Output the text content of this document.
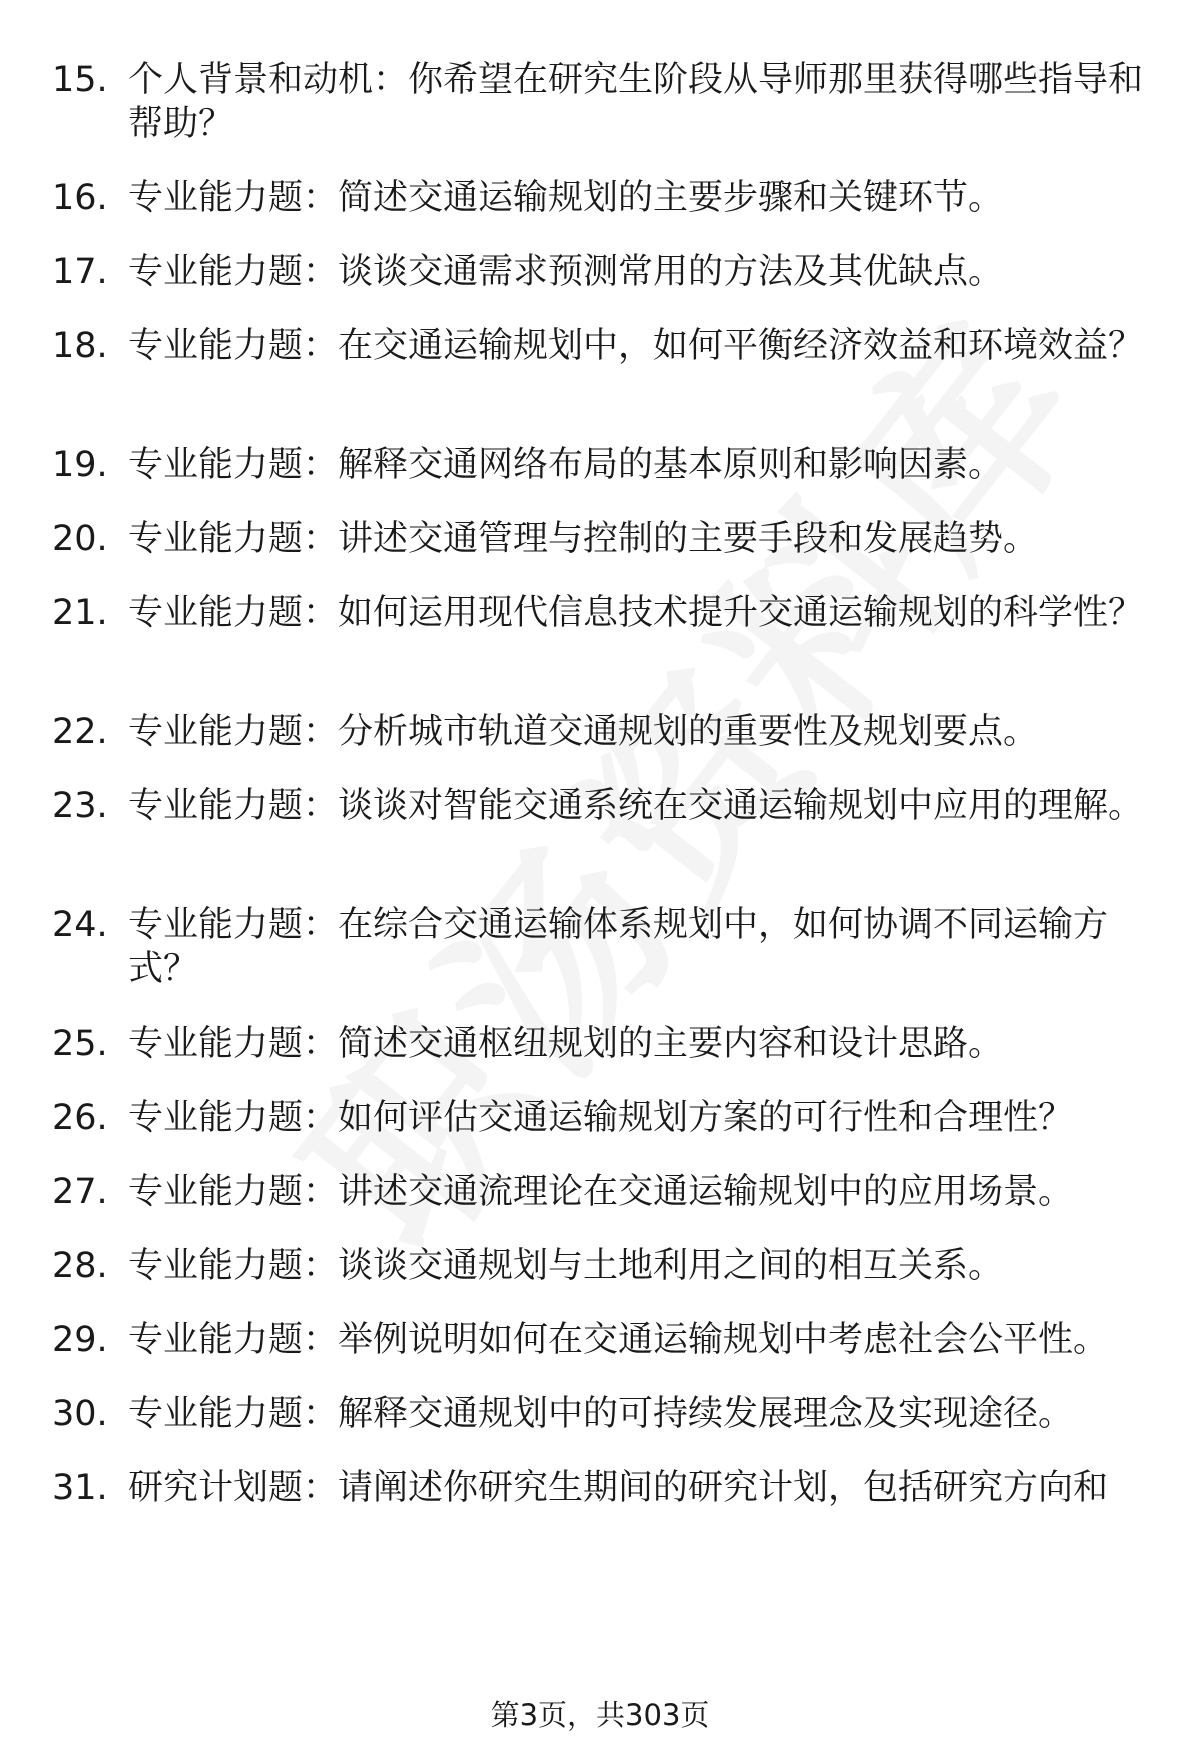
15. 个人背景和动机：你希望在研究生阶段从导师那里获得哪些指导和帮助？
16. 专业能力题：简述交通运输规划的主要步骤和关键环节。
17. 专业能力题：谈谈交通需求预测常用的方法及其优缺点。
18. 专业能力题：在交通运输规划中，如何平衡经济效益和环境效益？
19. 专业能力题：解释交通网络布局的基本原则和影响因素。
20. 专业能力题：讲述交通管理与控制的主要手段和发展趋势。
21. 专业能力题：如何运用现代信息技术提升交通运输规划的科学性？
22. 专业能力题：分析城市轨道交通规划的重要性及规划要点。
23. 专业能力题：谈谈对智能交通系统在交通运输规划中应用的理解。
24. 专业能力题：在综合交通运输体系规划中，如何协调不同运输方式？
25. 专业能力题：简述交通枢纽规划的主要内容和设计思路。
26. 专业能力题：如何评估交通运输规划方案的可行性和合理性？
27. 专业能力题：讲述交通流理论在交通运输规划中的应用场景。
28. 专业能力题：谈谈交通规划与土地利用之间的相互关系。
29. 专业能力题：举例说明如何在交通运输规划中考虑社会公平性。
30. 专业能力题：解释交通规划中的可持续发展理念及实现途径。
31. 研究计划题：请阐述你研究生期间的研究计划，包括研究方向和
第3页，共303页
